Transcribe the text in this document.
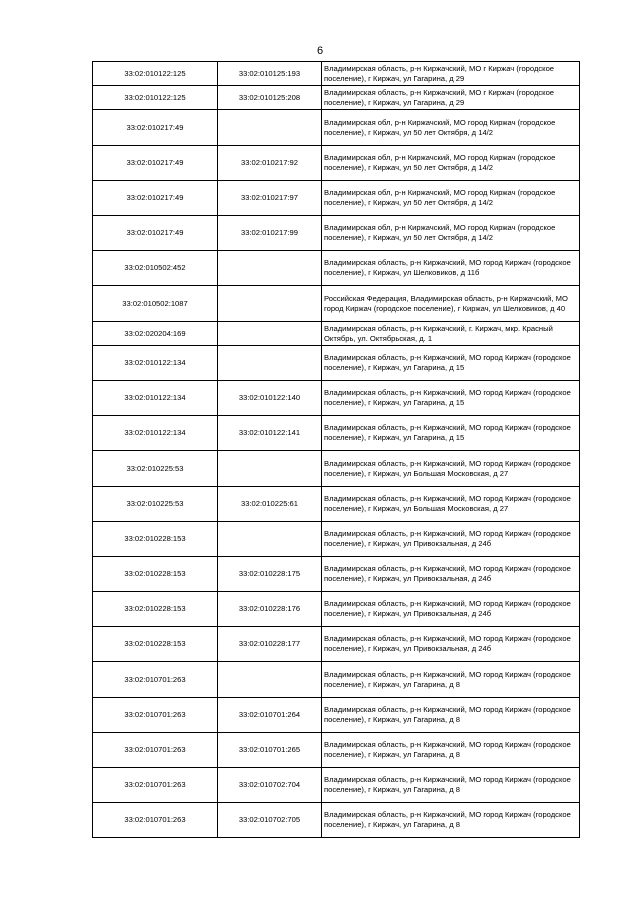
6
33:02:010122:125	33:02:010125:193	Владимирская область, р-н Киржачский, МО г Киржач (городское поселение), г Киржач, ул Гагарина, д 29
33:02:010122:125	33:02:010125:208	Владимирская область, р-н Киржачский, МО г Киржач (городское поселение), г Киржач, ул Гагарина, д 29
33:02:010217:49		Владимирская обл, р-н Киржачский, МО город Киржач (городское поселение), г Киржач, ул 50 лет Октября, д 14/2
33:02:010217:49	33:02:010217:92	Владимирская обл, р-н Киржачский, МО город Киржач (городское поселение), г Киржач, ул 50 лет Октября, д 14/2
33:02:010217:49	33:02:010217:97	Владимирская обл, р-н Киржачский, МО город Киржач (городское поселение), г Киржач, ул 50 лет Октября, д 14/2
33:02:010217:49	33:02:010217:99	Владимирская обл, р-н Киржачский, МО город Киржач (городское поселение), г Киржач, ул 50 лет Октября, д 14/2
33:02:010502:452		Владимирская область, р-н Киржачский, МО город Киржач (городское поселение), г Киржач, ул Шелковиков, д 11б
33:02:010502:1087		Российская Федерация, Владимирская область, р-н Киржачский, МО город Киржач (городское поселение), г Киржач, ул Шелковиков, д 40
33:02:020204:169		Владимирская область, р-н Киржачский, г. Киржач, мкр. Красный Октябрь, ул. Октябрьская, д. 1
33:02:010122:134		Владимирская область, р-н Киржачский, МО город Киржач (городское поселение), г Киржач, ул Гагарина, д 15
33:02:010122:134	33:02:010122:140	Владимирская область, р-н Киржачский, МО город Киржач (городское поселение), г Киржач, ул Гагарина, д 15
33:02:010122:134	33:02:010122:141	Владимирская область, р-н Киржачский, МО город Киржач (городское поселение), г Киржач, ул Гагарина, д 15
33:02:010225:53		Владимирская область, р-н Киржачский, МО город Киржач (городское поселение), г Киржач, ул Большая Московская, д 27
33:02:010225:53	33:02:010225:61	Владимирская область, р-н Киржачский, МО город Киржач (городское поселение), г Киржач, ул Большая Московская, д 27
33:02:010228:153		Владимирская область, р-н Киржачский, МО город Киржач (городское поселение), г Киржач, ул Привокзальная, д 24б
33:02:010228:153	33:02:010228:175	Владимирская область, р-н Киржачский, МО город Киржач (городское поселение), г Киржач, ул Привокзальная, д 24б
33:02:010228:153	33:02:010228:176	Владимирская область, р-н Киржачский, МО город Киржач (городское поселение), г Киржач, ул Привокзальная, д 24б
33:02:010228:153	33:02:010228:177	Владимирская область, р-н Киржачский, МО город Киржач (городское поселение), г Киржач, ул Привокзальная, д 24б
33:02:010701:263		Владимирская область, р-н Киржачский, МО город Киржач (городское поселение), г Киржач, ул Гагарина, д 8
33:02:010701:263	33:02:010701:264	Владимирская область, р-н Киржачский, МО город Киржач (городское поселение), г Киржач, ул Гагарина, д 8
33:02:010701:263	33:02:010701:265	Владимирская область, р-н Киржачский, МО город Киржач (городское поселение), г Киржач, ул Гагарина, д 8
33:02:010701:263	33:02:010702:704	Владимирская область, р-н Киржачский, МО город Киржач (городское поселение), г Киржач, ул Гагарина, д 8
33:02:010701:263	33:02:010702:705	Владимирская область, р-н Киржачский, МО город Киржач (городское поселение), г Киржач, ул Гагарина, д 8
